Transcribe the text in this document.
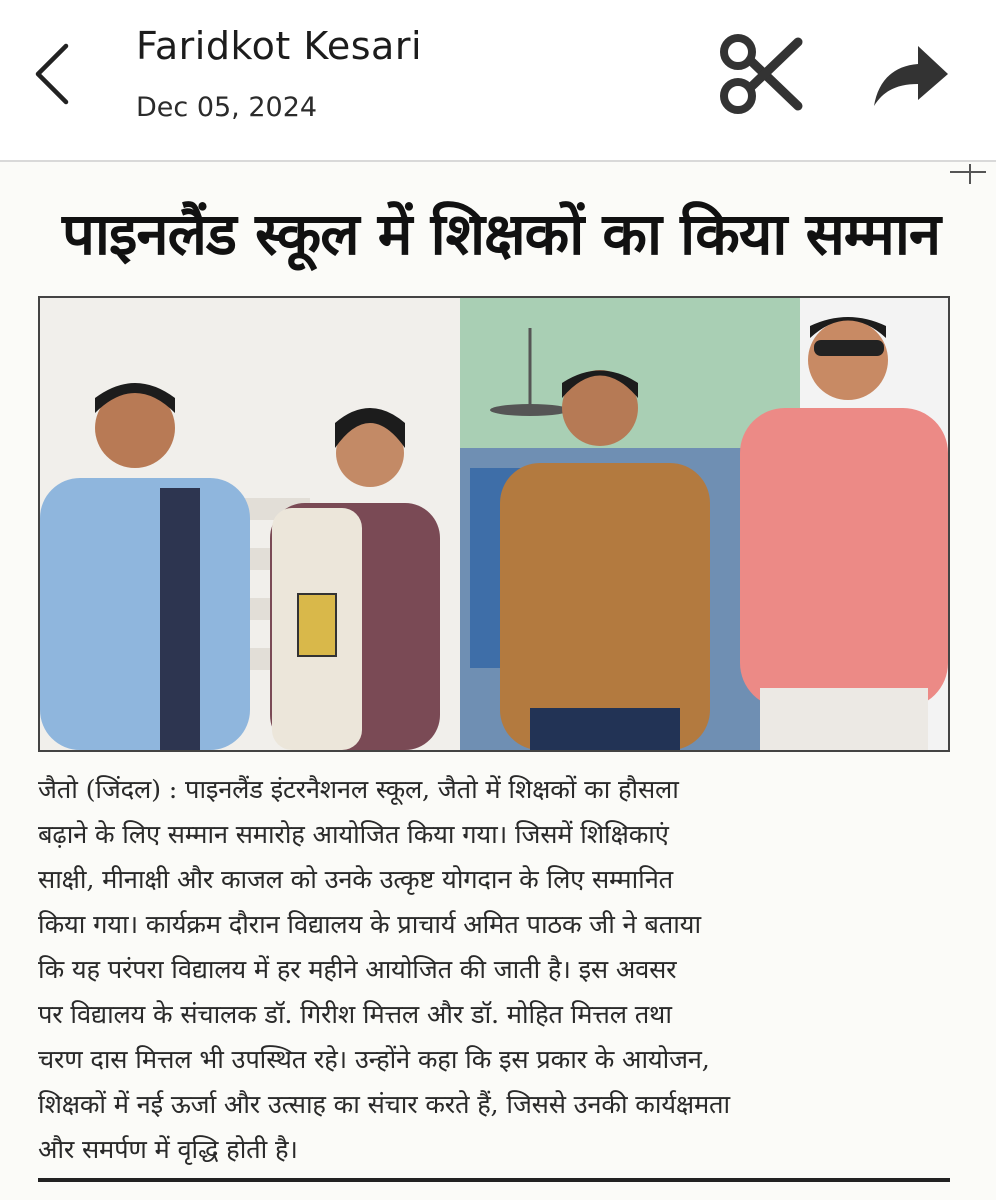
Faridkot Kesari
Dec 05, 2024
पाइनलैंड स्कूल में शिक्षकों का किया सम्मान
जैतो (जिंदल) : पाइनलैंड इंटरनैशनल स्कूल, जैतो में शिक्षकों का हौसला
बढ़ाने के लिए सम्मान समारोह आयोजित किया गया। जिसमें शिक्षिकाएं
साक्षी, मीनाक्षी और काजल को उनके उत्कृष्ट योगदान के लिए सम्मानित
किया गया। कार्यक्रम दौरान विद्यालय के प्राचार्य अमित पाठक जी ने बताया
कि यह परंपरा विद्यालय में हर महीने आयोजित की जाती है। इस अवसर
पर विद्यालय के संचालक डॉ. गिरीश मित्तल और डॉ. मोहित मित्तल तथा
चरण दास मित्तल भी उपस्थित रहे। उन्होंने कहा कि इस प्रकार के आयोजन,
शिक्षकों में नई ऊर्जा और उत्साह का संचार करते हैं, जिससे उनकी कार्यक्षमता
और समर्पण में वृद्धि होती है।
